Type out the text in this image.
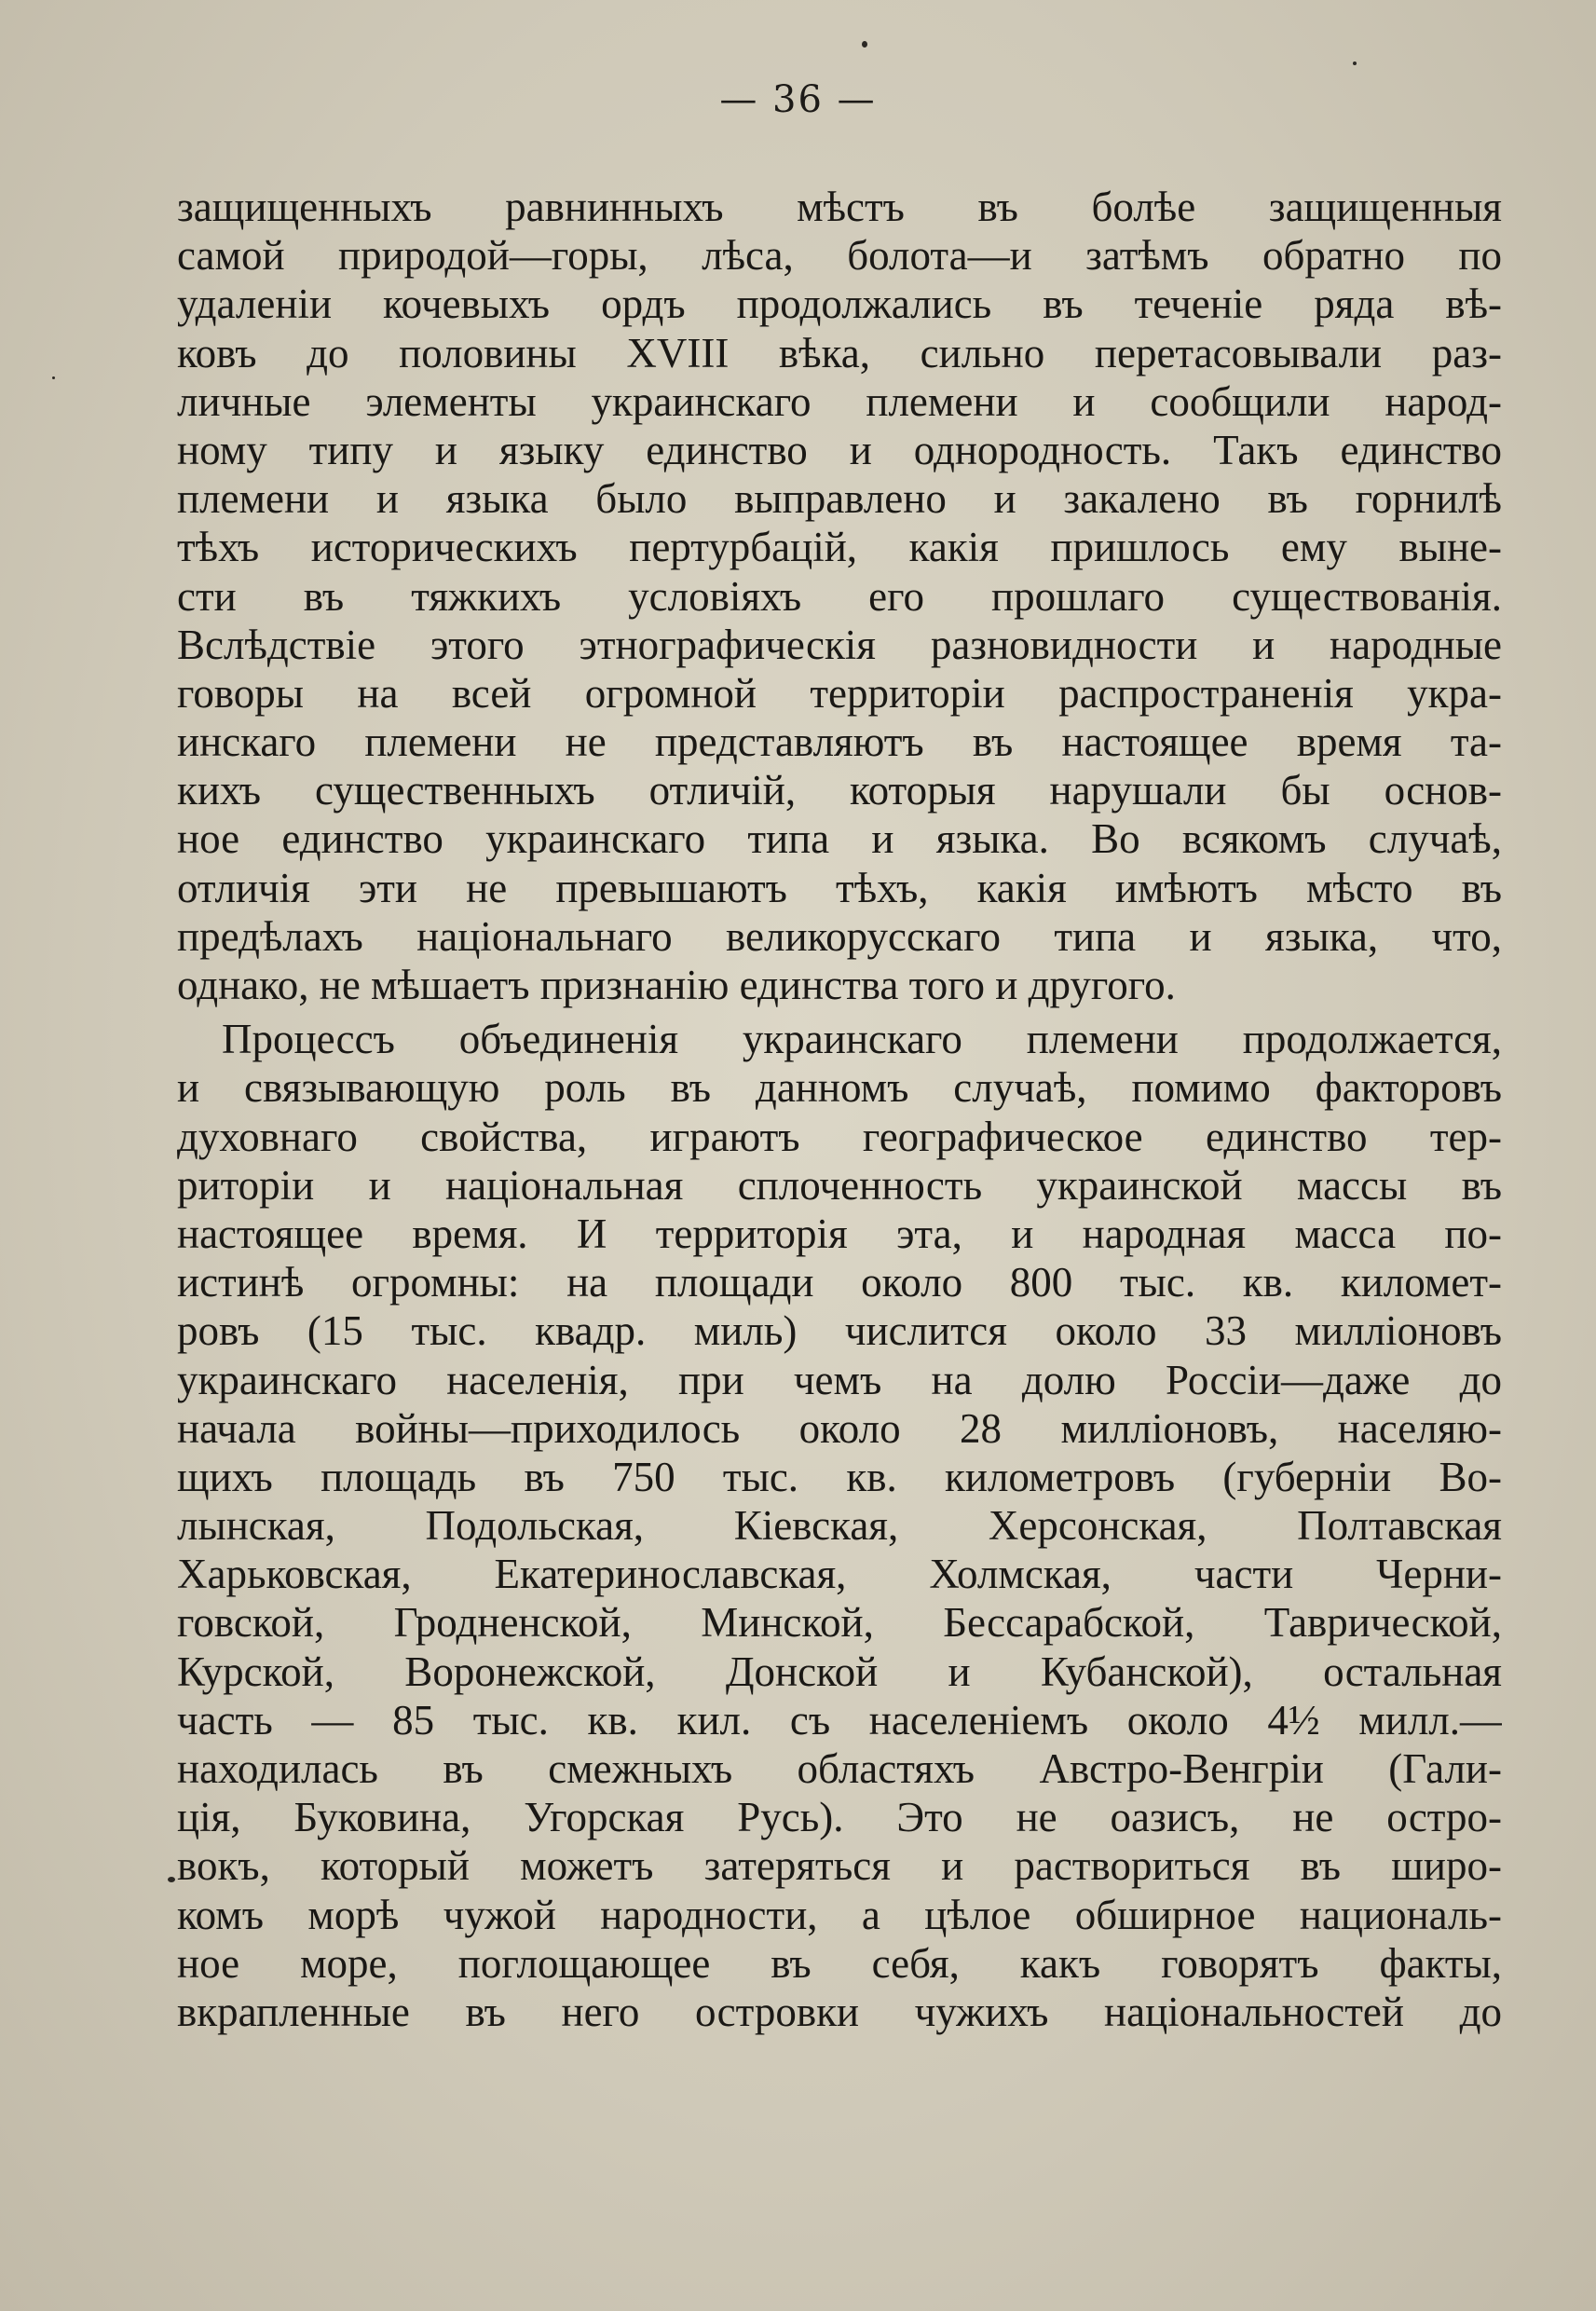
— 36 —

защищенныхъ равнинныхъ мѣстъ въ болѣе защищенныя
самой природой—горы, лѣса, болота—и затѣмъ обратно по
удаленіи кочевыхъ ордъ продолжались въ теченіе ряда вѣ-
ковъ до половины XVIII вѣка, сильно перетасовывали раз-
личные элементы украинскаго племени и сообщили народ-
ному типу и языку единство и однородность. Такъ единство
племени и языка было выправлено и закалено въ горнилѣ
тѣхъ историческихъ пертурбацій, какія пришлось ему выне-
сти въ тяжкихъ условіяхъ его прошлаго существованія.
Вслѣдствіе этого этнографическія разновидности и народные
говоры на всей огромной территоріи распространенія укра-
инскаго племени не представляютъ въ настоящее время та-
кихъ существенныхъ отличій, которыя нарушали бы основ-
ное единство украинскаго типа и языка. Во всякомъ случаѣ,
отличія эти не превышаютъ тѣхъ, какія имѣютъ мѣсто въ
предѣлахъ національнаго великорусскаго типа и языка, что,
однако, не мѣшаетъ признанію единства того и другого.

Процессъ объединенія украинскаго племени продолжается,
и связывающую роль въ данномъ случаѣ, помимо факторовъ
духовнаго свойства, играютъ географическое единство тер-
риторіи и національная сплоченность украинской массы въ
настоящее время. И территорія эта, и народная масса по-
истинѣ огромны: на площади около 800 тыс. кв. километ-
ровъ (15 тыс. квадр. миль) числится около 33 милліоновъ
украинскаго населенія, при чемъ на долю Россіи—даже до
начала войны—приходилось около 28 милліоновъ, населяю-
щихъ площадь въ 750 тыс. кв. километровъ (губерніи Во-
лынская, Подольская, Кіевская, Херсонская, Полтавская
Харьковская, Екатеринославская, Холмская, части Черни-
говской, Гродненской, Минской, Бессарабской, Таврической,
Курской, Воронежской, Донской и Кубанской), остальная
часть — 85 тыс. кв. кил. съ населеніемъ около 4½ милл.—
находилась въ смежныхъ областяхъ Австро-Венгріи (Гали-
ція, Буковина, Угорская Русь). Это не оазисъ, не остро-
вокъ, который можетъ затеряться и раствориться въ широ-
комъ морѣ чужой народности, а цѣлое обширное националь-
ное море, поглощающее въ себя, какъ говорятъ факты,
вкрапленные въ него островки чужихъ національностей до
